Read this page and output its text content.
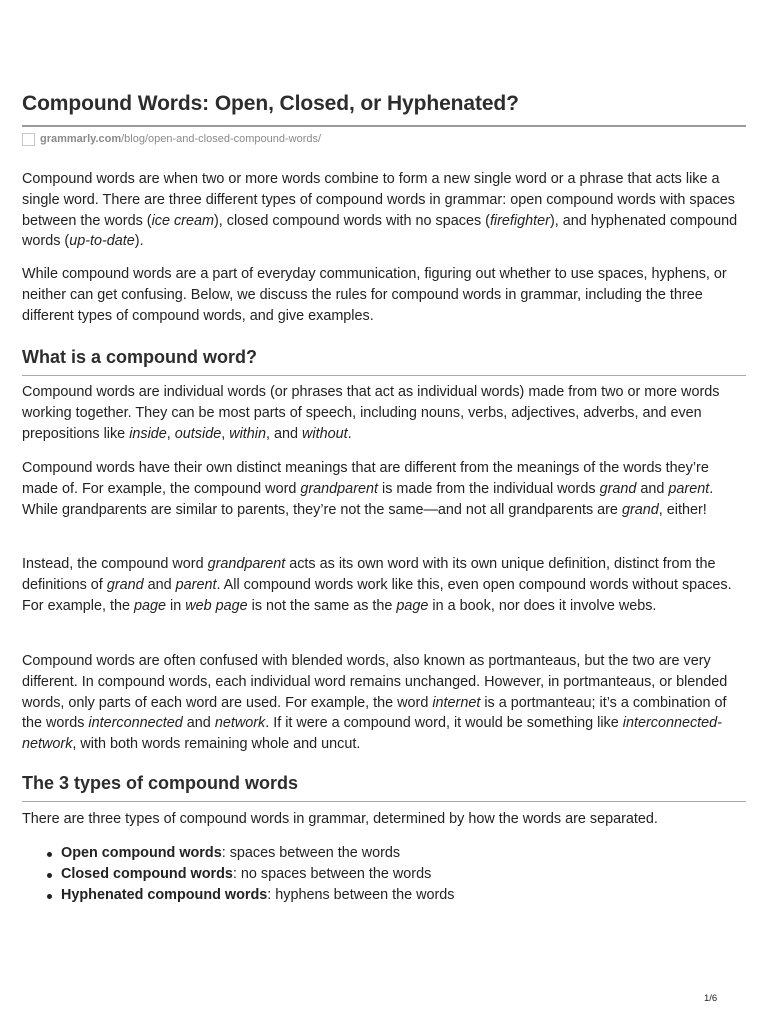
Compound Words: Open, Closed, or Hyphenated?
grammarly.com /blog/open-and-closed-compound-words/

Compound words are when two or more words combine to form a new single word or a phrase that acts like a single word. There are three different types of compound words in grammar: open compound words with spaces between the words (ice cream), closed compound words with no spaces (firefighter), and hyphenated compound words (up-to-date).

While compound words are a part of everyday communication, figuring out whether to use spaces, hyphens, or neither can get confusing. Below, we discuss the rules for compound words in grammar, including the three different types of compound words, and give examples.

What is a compound word?

Compound words are individual words (or phrases that act as individual words) made from two or more words working together. They can be most parts of speech, including nouns, verbs, adjectives, adverbs, and even prepositions like inside, outside, within, and without.

Compound words have their own distinct meanings that are different from the meanings of the words they’re made of. For example, the compound word grandparent is made from the individual words grand and parent. While grandparents are similar to parents, they’re not the same—and not all grandparents are grand, either!

Instead, the compound word grandparent acts as its own word with its own unique definition, distinct from the definitions of grand and parent. All compound words work like this, even open compound words without spaces. For example, the page in web page is not the same as the page in a book, nor does it involve webs.

Compound words are often confused with blended words, also known as portmanteaus, but the two are very different. In compound words, each individual word remains unchanged. However, in portmanteaus, or blended words, only parts of each word are used. For example, the word internet is a portmanteau; it’s a combination of the words interconnected and network. If it were a compound word, it would be something like interconnected-network, with both words remaining whole and uncut.

The 3 types of compound words

There are three types of compound words in grammar, determined by how the words are separated.

Open compound words: spaces between the words
Closed compound words: no spaces between the words
Hyphenated compound words: hyphens between the words
1/6
